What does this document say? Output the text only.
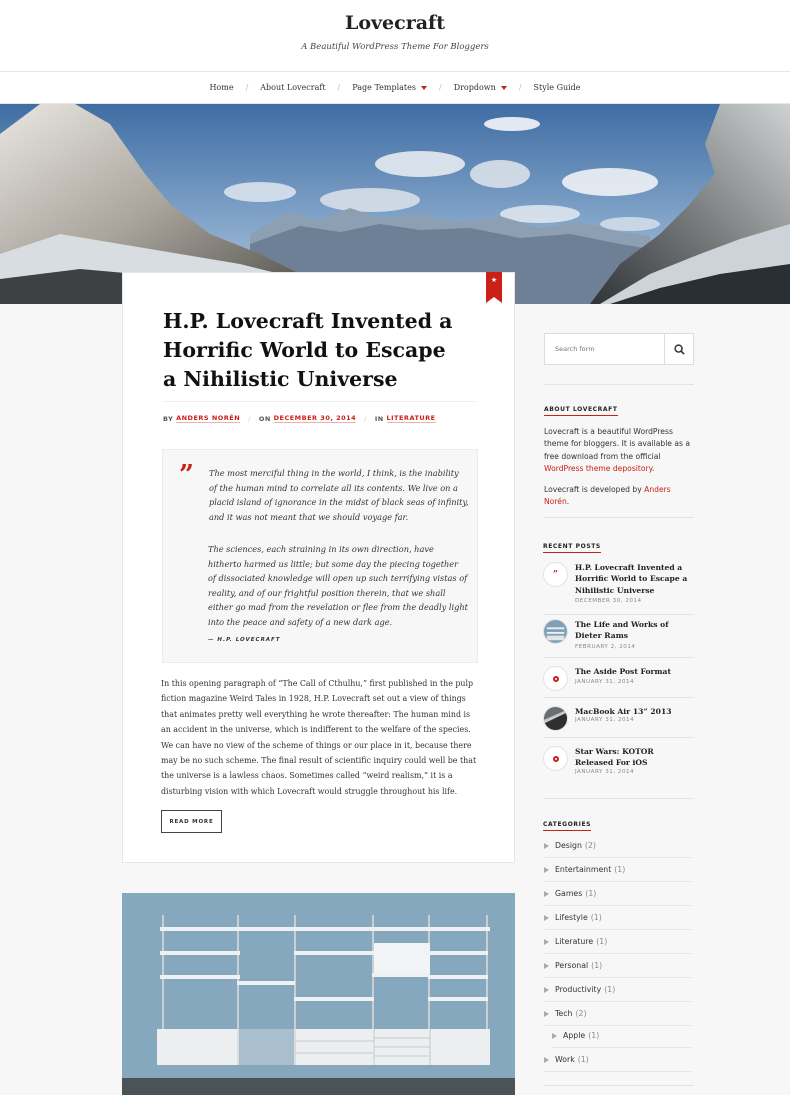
Lovecraft
A Beautiful WordPress Theme For Bloggers
Home / About Lovecraft / Page Templates	/ Dropdown	/ Style Guide
★
H.P. Lovecraft Invented a Horrific World to Escape a Nihilistic Universe
BY
ANDERS NORÉN / ON
DECEMBER 30, 2014 / IN
LITERATURE
” The most merciful thing in the world, I think, is the inability of the human mind to correlate all its contents. We live on a placid island of ignorance in the midst of black seas of infinity, and it was not meant that we should voyage far.

The sciences, each straining in its own direction, have hitherto harmed us little; but some day the piecing together of dissociated knowledge will open up such terrifying vistas of reality, and of our frightful position therein, that we shall either go mad from the revelation or flee from the deadly light into the peace and safety of a new dark age.

— H.P. LOVECRAFT

In this opening paragraph of “The Call of Cthulhu,” first published in the pulp fiction magazine Weird Tales in 1928, H.P. Lovecraft set out a view of things that animates pretty well everything he wrote thereafter: The human mind is an accident in the universe, which is indifferent to the welfare of the species. We can have no view of the scheme of things or our place in it, because there may be no such scheme. The final result of scientific inquiry could well be that the universe is a lawless chaos. Sometimes called “weird realism,” it is a disturbing vision with which Lovecraft would struggle throughout his life.

READ MORE
Search form
ABOUT LOVECRAFT

Lovecraft is a beautiful WordPress theme for bloggers. It is available as a free download from the official WordPress theme depository.

Lovecraft is developed by Anders Norén.

RECENT POSTS
”
H.P. Lovecraft Invented a Horrific World to Escape a Nihilistic Universe
DECEMBER 30, 2014
The Life and Works of Dieter Rams
FEBRUARY 2, 2014
The Aside Post Format
JANUARY 31, 2014
MacBook Air 13” 2013
JANUARY 31, 2014
Star Wars: KOTOR Released For iOS
JANUARY 31, 2014
CATEGORIES
Design (2)
Entertainment (1)
Games (1)
Lifestyle (1)
Literature (1)
Personal (1)
Productivity (1)
Tech (2)
Apple (1)
Work (1)
